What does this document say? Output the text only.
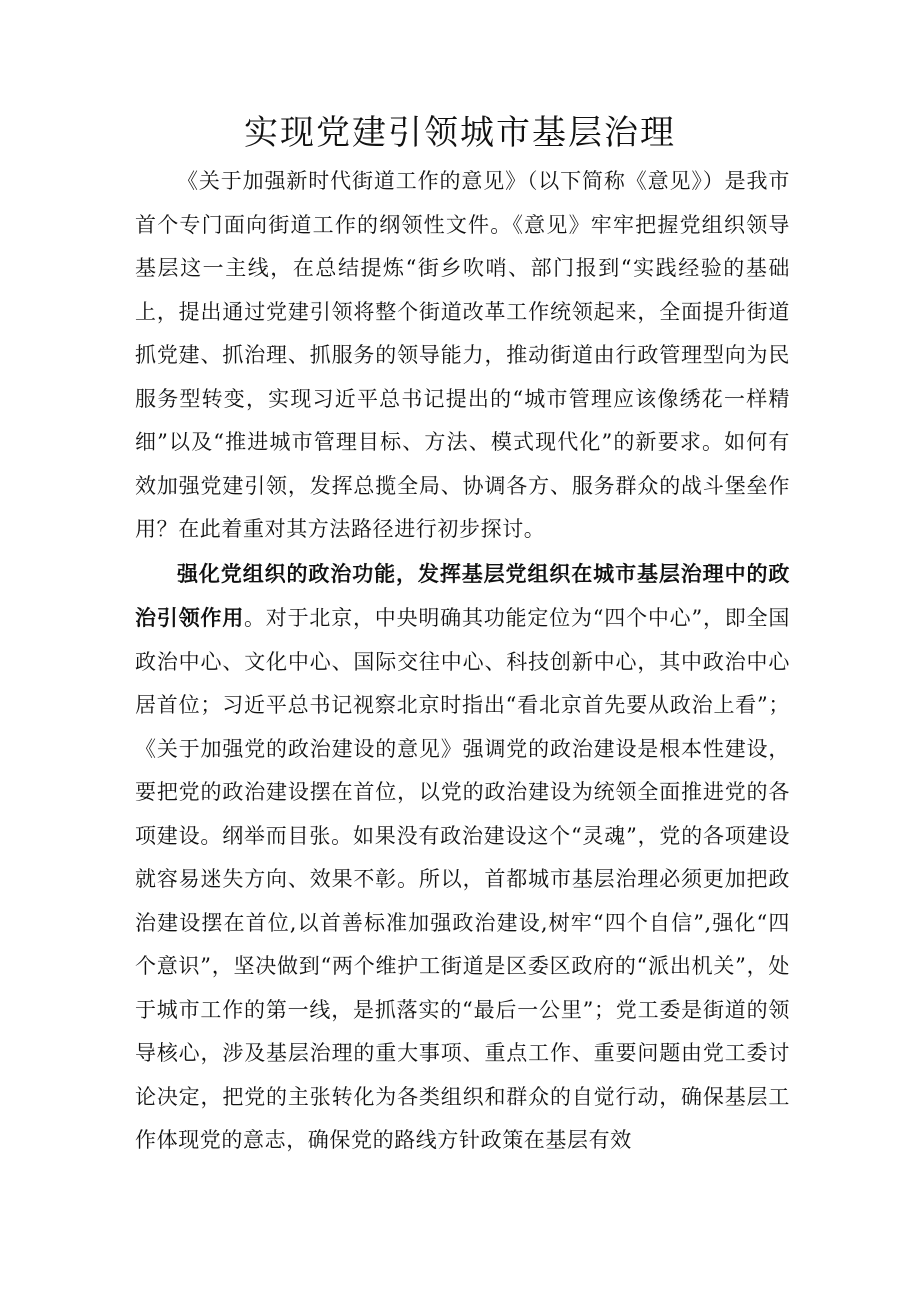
实现党建引领城市基层治理

《关于加强新时代街道工作的意见》（以下简称《意见》）是我市首个专门面向街道工作的纲领性文件。《意见》牢牢把握党组织领导基层这一主线，在总结提炼“街乡吹哨、部门报到“实践经验的基础上，提出通过党建引领将整个街道改革工作统领起来，全面提升街道抓党建、抓治理、抓服务的领导能力，推动街道由行政管理型向为民服务型转变，实现习近平总书记提出的“城市管理应该像绣花一样精细”以及“推进城市管理目标、方法、模式现代化”的新要求。如何有效加强党建引领，发挥总揽全局、协调各方、服务群众的战斗堡垒作用？在此着重对其方法路径进行初步探讨。

强化党组织的政治功能，发挥基层党组织在城市基层治理中的政治引领作用。对于北京，中央明确其功能定位为“四个中心”，即全国政治中心、文化中心、国际交往中心、科技创新中心，其中政治中心居首位；习近平总书记视察北京时指出“看北京首先要从政治上看”；《关于加强党的政治建设的意见》强调党的政治建设是根本性建设，要把党的政治建设摆在首位，以党的政治建设为统领全面推进党的各项建设。纲举而目张。如果没有政治建设这个“灵魂”，党的各项建设就容易迷失方向、效果不彰。所以，首都城市基层治理必须更加把政治建设摆在首位,以首善标准加强政治建设,树牢“四个自信”,强化“四个意识”，坚决做到“两个维护工街道是区委区政府的“派出机关”，处于城市工作的第一线，是抓落实的“最后一公里”；党工委是街道的领导核心，涉及基层治理的重大事项、重点工作、重要问题由党工委讨论决定，把党的主张转化为各类组织和群众的自觉行动，确保基层工作体现党的意志，确保党的路线方针政策在基层有效
